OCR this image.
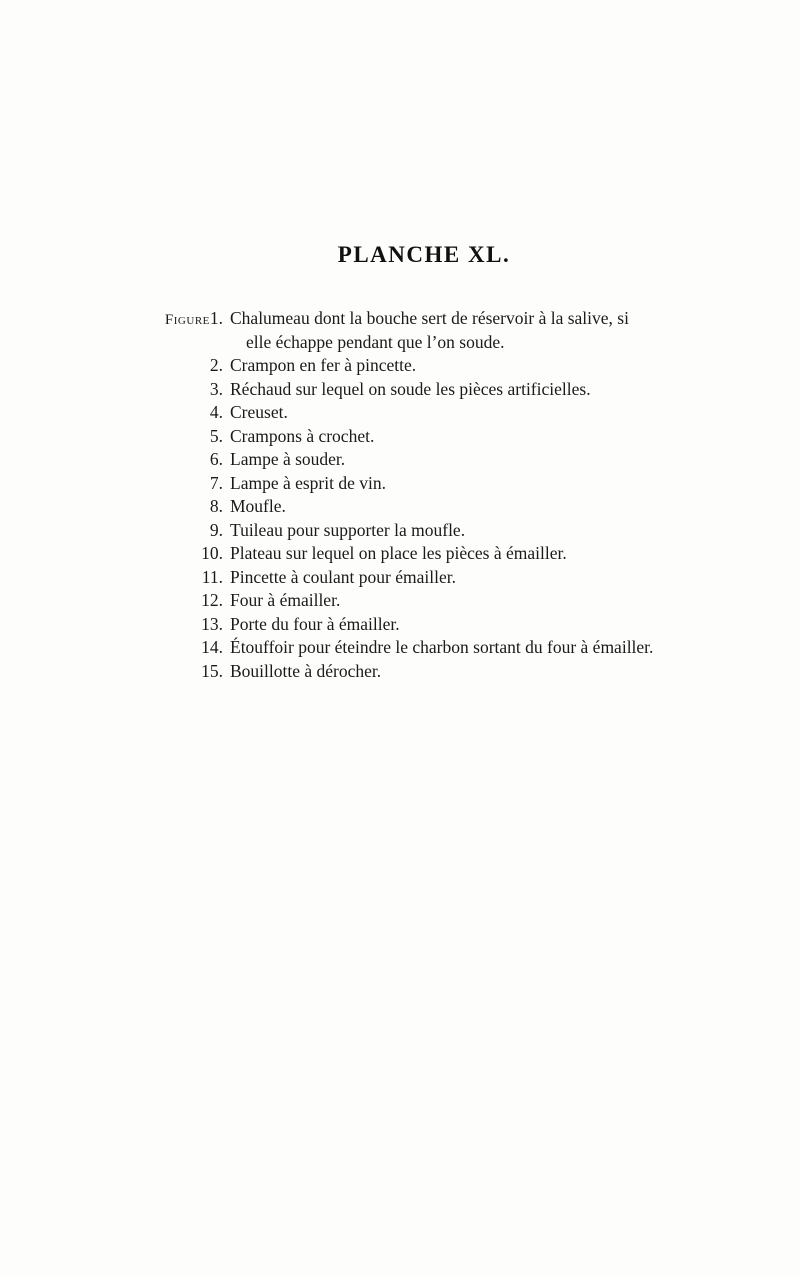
PLANCHE XL.
Figure1. Chalumeau dont la bouche sert de réservoir à la salive, si
elle échappe pendant que l’on soude.
2. Crampon en fer à pincette.
3. Réchaud sur lequel on soude les pièces artificielles.
4. Creuset.
5. Crampons à crochet.
6. Lampe à souder.
7. Lampe à esprit de vin.
8. Moufle.
9. Tuileau pour supporter la moufle.
10. Plateau sur lequel on place les pièces à émailler.
11. Pincette à coulant pour émailler.
12. Four à émailler.
13. Porte du four à émailler.
14. Étouffoir pour éteindre le charbon sortant du four à émailler.
15. Bouillotte à dérocher.
